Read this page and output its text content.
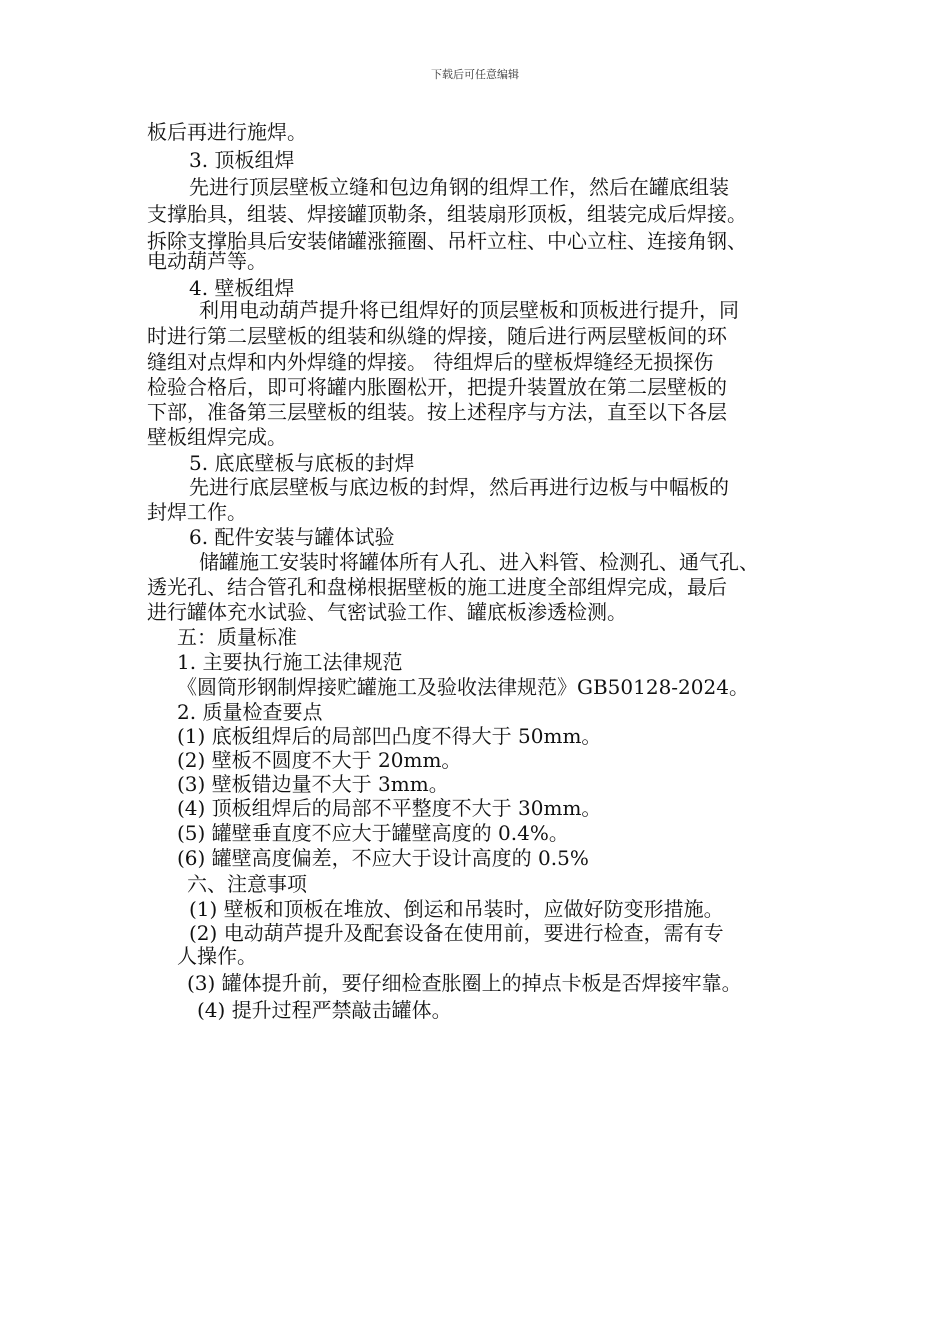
下载后可任意编辑
板后再进行施焊。
3. 顶板组焊
先进行顶层壁板立缝和包边角钢的组焊工作，然后在罐底组装
支撑胎具，组装、焊接罐顶勒条，组装扇形顶板，组装完成后焊接。
拆除支撑胎具后安装储罐涨箍圈、吊杆立柱、中心立柱、连接角钢、
电动葫芦等。
4. 壁板组焊
利用电动葫芦提升将已组焊好的顶层壁板和顶板进行提升，同
时进行第二层壁板的组装和纵缝的焊接，随后进行两层壁板间的环
缝组对点焊和内外焊缝的焊接。 待组焊后的壁板焊缝经无损探伤
检验合格后，即可将罐内胀圈松开，把提升装置放在第二层壁板的
下部，准备第三层壁板的组装。按上述程序与方法，直至以下各层
壁板组焊完成。
5. 底底壁板与底板的封焊
先进行底层壁板与底边板的封焊，然后再进行边板与中幅板的
封焊工作。
6. 配件安装与罐体试验
储罐施工安装时将罐体所有人孔、进入料管、检测孔、通气孔、
透光孔、结合管孔和盘梯根据壁板的施工进度全部组焊完成，最后
进行罐体充水试验、气密试验工作、罐底板渗透检测。
五：质量标准
1. 主要执行施工法律规范
《圆筒形钢制焊接贮罐施工及验收法律规范》GB50128-2024。
2. 质量检查要点
(1) 底板组焊后的局部凹凸度不得大于 50mm。
(2) 壁板不圆度不大于 20mm。
(3) 壁板错边量不大于 3mm。
(4) 顶板组焊后的局部不平整度不大于 30mm。
(5) 罐壁垂直度不应大于罐壁高度的 0.4%。
(6) 罐壁高度偏差，不应大于设计高度的 0.5%
六、注意事项
(1) 壁板和顶板在堆放、倒运和吊装时，应做好防变形措施。
(2) 电动葫芦提升及配套设备在使用前，要进行检查，需有专
人操作。
(3) 罐体提升前，要仔细检查胀圈上的掉点卡板是否焊接牢靠。
(4) 提升过程严禁敲击罐体。
